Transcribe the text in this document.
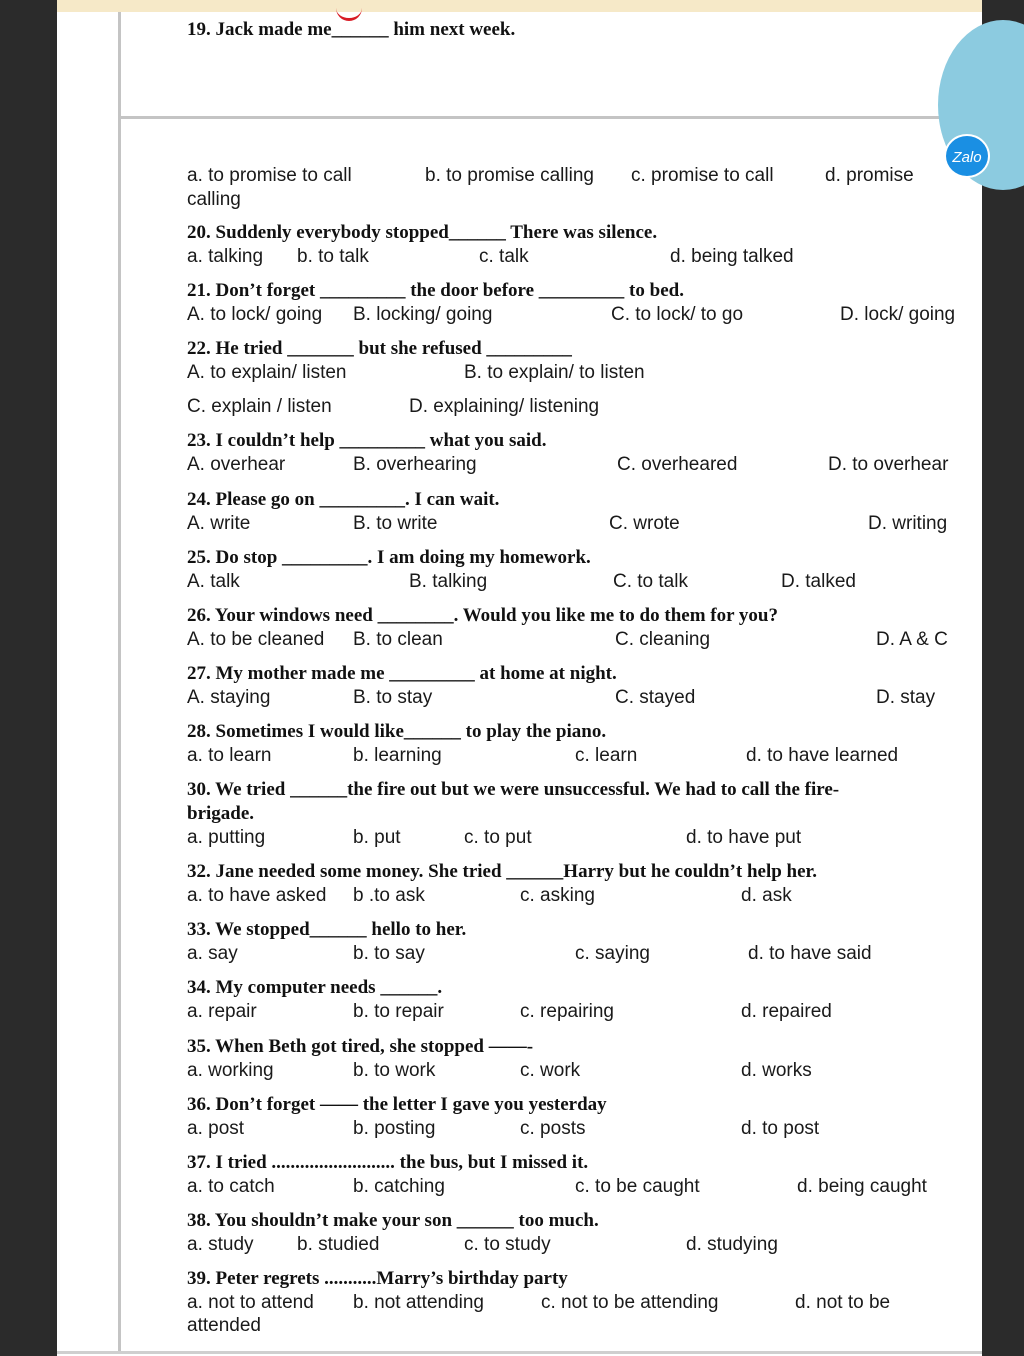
Zalo
19. Jack made me______ him next week.
a. to promise to call	b. to promise calling c. promise to call	d. promise
calling
20. Suddenly everybody stopped______ There was silence.
a. talking b. to talk	c. talk	d. being talked
21. Don’t forget _________ the door before _________ to bed.
A. to lock/ going B. locking/ going	C. to lock/ to go	D. lock/ going
22. He tried _______ but she refused _________
A. to explain/ listen	B. to explain/ to listen
C. explain / listen	D. explaining/ listening
23. I couldn’t help _________ what you said.
A. overhear	B. overhearing	C. overheared	D. to overhear
24. Please go on _________. I can wait.
A. write	B. to write	C. wrote	D. writing
25. Do stop _________. I am doing my homework.
A. talk	B. talking	C. to talk	D. talked
26. Your windows need ________. Would you like me to do them for you?
A. to be cleaned B. to clean	C. cleaning	D. A & C
27. My mother made me _________ at home at night.
A. staying	B. to stay	C. stayed	D. stay
28. Sometimes I would like______ to play the piano.
a. to learn	b. learning	c. learn	d. to have learned
30. We tried ______the fire out but we were unsuccessful. We had to call the fire-
brigade.
a. putting	b. put	c. to put	d. to have put
32. Jane needed some money. She tried ______Harry but he couldn’t help her.
a. to have asked b .to ask	c. asking	d. ask
33. We stopped______ hello to her.
a. say	b. to say	c. saying	d. to have said
34. My computer needs ______.
a. repair	b. to repair	c. repairing	d. repaired
35. When Beth got tired, she stopped ——-
a. working	b. to work	c. work	d. works
36. Don’t forget —— the letter I gave you yesterday
a. post	b. posting	c. posts	d. to post
37. I tried .......................... the bus, but I missed it.
a. to catch	b. catching	c. to be caught	d. being caught
38. You shouldn’t make your son ______ too much.
a. study b. studied	c. to study	d. studying
39. Peter regrets ...........Marry’s birthday party
a. not to attend b. not attending	c. not to be attending	d. not to be
attended
